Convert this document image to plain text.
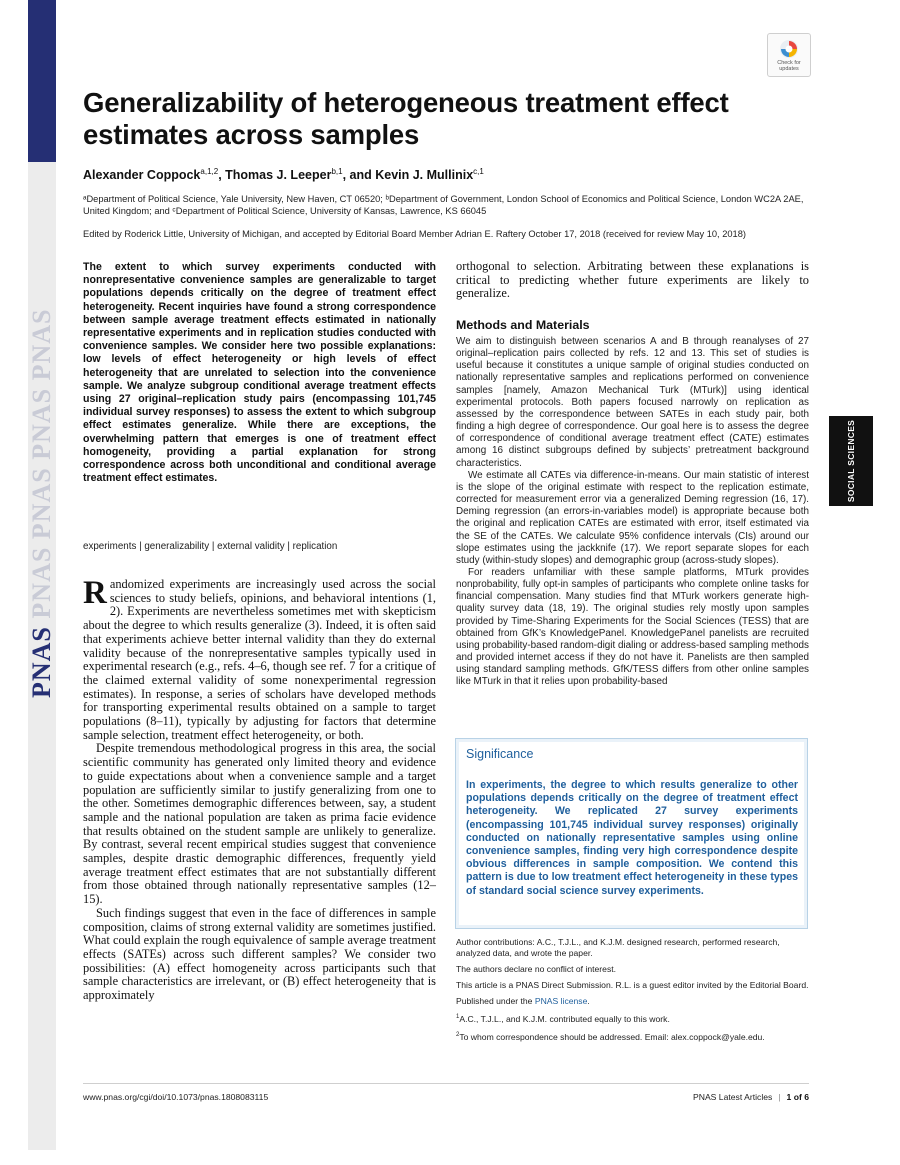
PNAS PNAS PNAS PNAS PNAS
Check for
updates
Generalizability of heterogeneous treatment effect estimates across samples
Alexander Coppock$^{a,1,2}$, Thomas J. Leeper$^{b,1}$, and Kevin J. Mullinix$^{c,1}$
ᵃDepartment of Political Science, Yale University, New Haven, CT 06520; ᵇDepartment of Government, London School of Economics and Political Science, London WC2A 2AE, United Kingdom; and ᶜDepartment of Political Science, University of Kansas, Lawrence, KS 66045
Edited by Roderick Little, University of Michigan, and accepted by Editorial Board Member Adrian E. Raftery October 17, 2018 (received for review May 10, 2018)
The extent to which survey experiments conducted with nonrepresentative convenience samples are generalizable to target populations depends critically on the degree of treatment effect heterogeneity. Recent inquiries have found a strong correspondence between sample average treatment effects estimated in nationally representative experiments and in replication studies conducted with convenience samples. We consider here two possible explanations: low levels of effect heterogeneity or high levels of effect heterogeneity that are unrelated to selection into the convenience sample. We analyze subgroup conditional average treatment effects using 27 original–replication study pairs (encompassing 101,745 individual survey responses) to assess the extent to which subgroup effect estimates generalize. While there are exceptions, the overwhelming pattern that emerges is one of treatment effect homogeneity, providing a partial explanation for strong correspondence across both unconditional and conditional average treatment effect estimates.
experiments | generalizability | external validity | replication

Randomized experiments are increasingly used across the social sciences to study beliefs, opinions, and behavioral intentions (1, 2). Experiments are nevertheless sometimes met with skepticism about the degree to which results generalize (3). Indeed, it is often said that experiments achieve better internal validity than they do external validity because of the nonrepresentative samples typically used in experimental research (e.g., refs. 4–6, though see ref. 7 for a critique of the claimed external validity of some nonexperimental regression estimates). In response, a series of scholars have developed methods for transporting experimental results obtained on a sample to target populations (8–11), typically by adjusting for factors that determine sample selection, treatment effect heterogeneity, or both.

Despite tremendous methodological progress in this area, the social scientific community has generated only limited theory and evidence to guide expectations about when a convenience sample and a target population are sufficiently similar to justify generalizing from one to the other. Sometimes demographic differences between, say, a student sample and the national population are taken as prima facie evidence that results obtained on the student sample are unlikely to generalize. By contrast, several recent empirical studies suggest that convenience samples, despite drastic demographic differences, frequently yield average treatment effect estimates that are not substantially different from those obtained through nationally representative samples (12–15).

Such findings suggest that even in the face of differences in sample composition, claims of strong external validity are sometimes justified. What could explain the rough equivalence of sample average treatment effects (SATEs) across such different samples? We consider two possibilities: (A) effect homogeneity across participants such that sample characteristics are irrelevant, or (B) effect heterogeneity that is approximately

orthogonal to selection. Arbitrating between these explanations is critical to predicting whether future experiments are likely to generalize.
Methods and Materials

We aim to distinguish between scenarios A and B through reanalyses of 27 original–replication pairs collected by refs. 12 and 13. This set of studies is useful because it constitutes a unique sample of original studies conducted on nationally representative samples and replications performed on convenience samples [namely, Amazon Mechanical Turk (MTurk)] using identical experimental protocols. Both papers focused narrowly on replication as assessed by the correspondence between SATEs in each study pair, both finding a high degree of correspondence. Our goal here is to assess the degree of correspondence of conditional average treatment effect (CATE) estimates among 16 distinct subgroups defined by subjects’ pretreatment background characteristics.

We estimate all CATEs via difference-in-means. Our main statistic of interest is the slope of the original estimate with respect to the replication estimate, corrected for measurement error via a generalized Deming regression (16, 17). Deming regression (an errors-in-variables model) is appropriate because both the original and replication CATEs are estimated with error, itself estimated via the SE of the CATEs. We calculate 95% confidence intervals (CIs) around our slope estimates using the jackknife (17). We report separate slopes for each study (within-study slopes) and demographic group (across-study slopes).

For readers unfamiliar with these sample platforms, MTurk provides nonprobability, fully opt-in samples of participants who complete online tasks for financial compensation. Many studies find that MTurk workers generate high-quality survey data (18, 19). The original studies rely mostly upon samples provided by Time-Sharing Experiments for the Social Sciences (TESS) that are obtained from GfK’s KnowledgePanel. KnowledgePanel panelists are recruited using probability-based random-digit dialing or address-based sampling methods and provided internet access if they do not have it. Panelists are then sampled using standard sampling methods. GfK/TESS differs from other online samples like MTurk in that it relies upon probability-based

SOCIAL SCIENCES
Significance
In experiments, the degree to which results generalize to other populations depends critically on the degree of treatment effect heterogeneity. We replicated 27 survey experiments (encompassing 101,745 individual survey responses) originally conducted on nationally representative samples using online convenience samples, finding very high correspondence despite obvious differences in sample composition. We contend this pattern is due to low treatment effect heterogeneity in these types of standard social science survey experiments.

Author contributions: A.C., T.J.L., and K.J.M. designed research, performed research, analyzed data, and wrote the paper.

The authors declare no conflict of interest.

This article is a PNAS Direct Submission. R.L. is a guest editor invited by the Editorial Board.

Published under the PNAS license.

$^1$A.C., T.J.L., and K.J.M. contributed equally to this work.

$^2$To whom correspondence should be addressed. Email: alex.coppock@yale.edu.

www.pnas.org/cgi/doi/10.1073/pnas.1808083115	PNAS Latest Articles | 1 of 6
